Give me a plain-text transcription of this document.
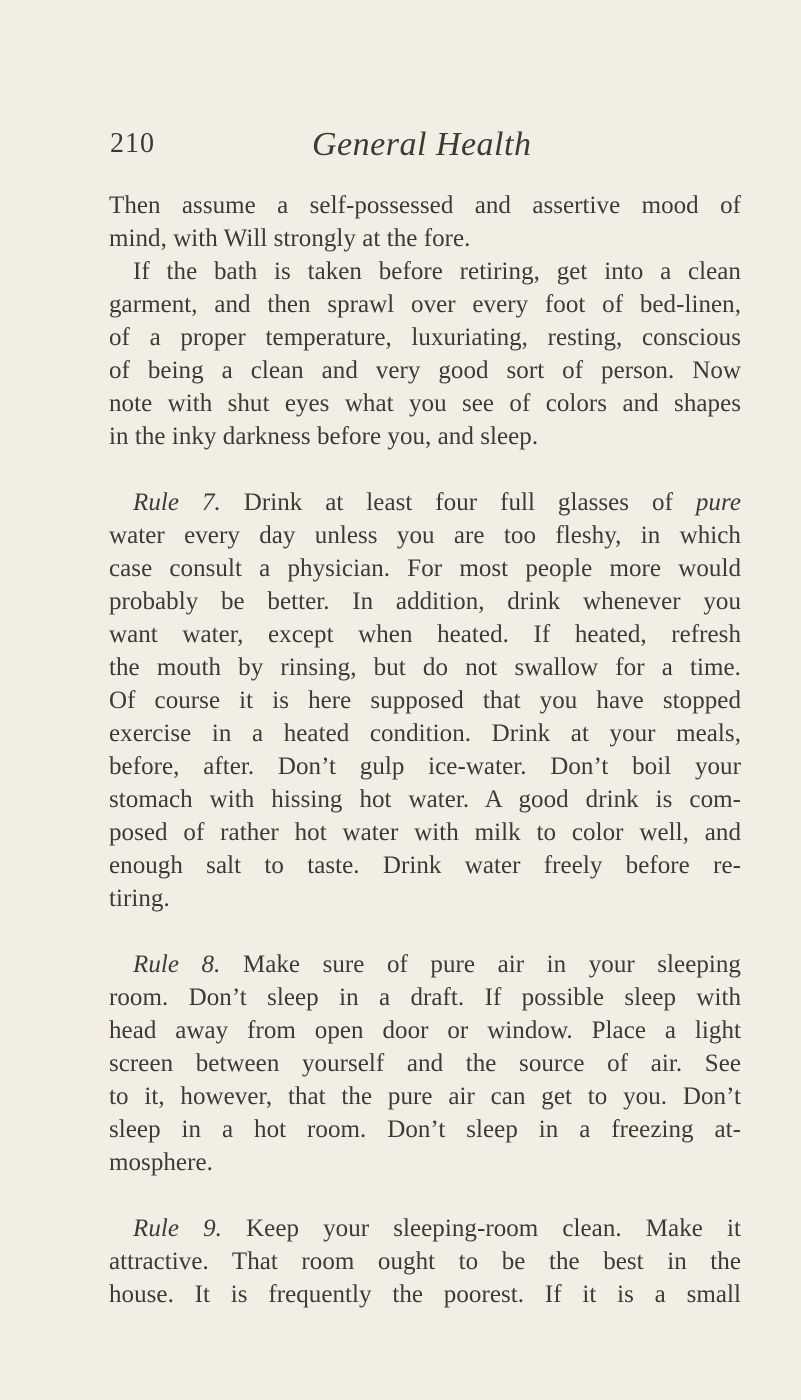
210	General Health
Then assume a self-possessed and assertive mood of
mind, with Will strongly at the fore.
If the bath is taken before retiring, get into a clean
garment, and then sprawl over every foot of bed-linen,
of a proper temperature, luxuriating, resting, conscious
of being a clean and very good sort of person. Now
note with shut eyes what you see of colors and shapes
in the inky darkness before you, and sleep.
Rule 7. Drink at least four full glasses of pure
water every day unless you are too fleshy, in which
case consult a physician. For most people more would
probably be better. In addition, drink whenever you
want water, except when heated. If heated, refresh
the mouth by rinsing, but do not swallow for a time.
Of course it is here supposed that you have stopped
exercise in a heated condition. Drink at your meals,
before, after. Don’t gulp ice-water. Don’t boil your
stomach with hissing hot water. A good drink is com-
posed of rather hot water with milk to color well, and
enough salt to taste. Drink water freely before re-
tiring.
Rule 8. Make sure of pure air in your sleeping
room. Don’t sleep in a draft. If possible sleep with
head away from open door or window. Place a light
screen between yourself and the source of air. See
to it, however, that the pure air can get to you. Don’t
sleep in a hot room. Don’t sleep in a freezing at-
mosphere.
Rule 9. Keep your sleeping-room clean. Make it
attractive. That room ought to be the best in the
house. It is frequently the poorest. If it is a small
